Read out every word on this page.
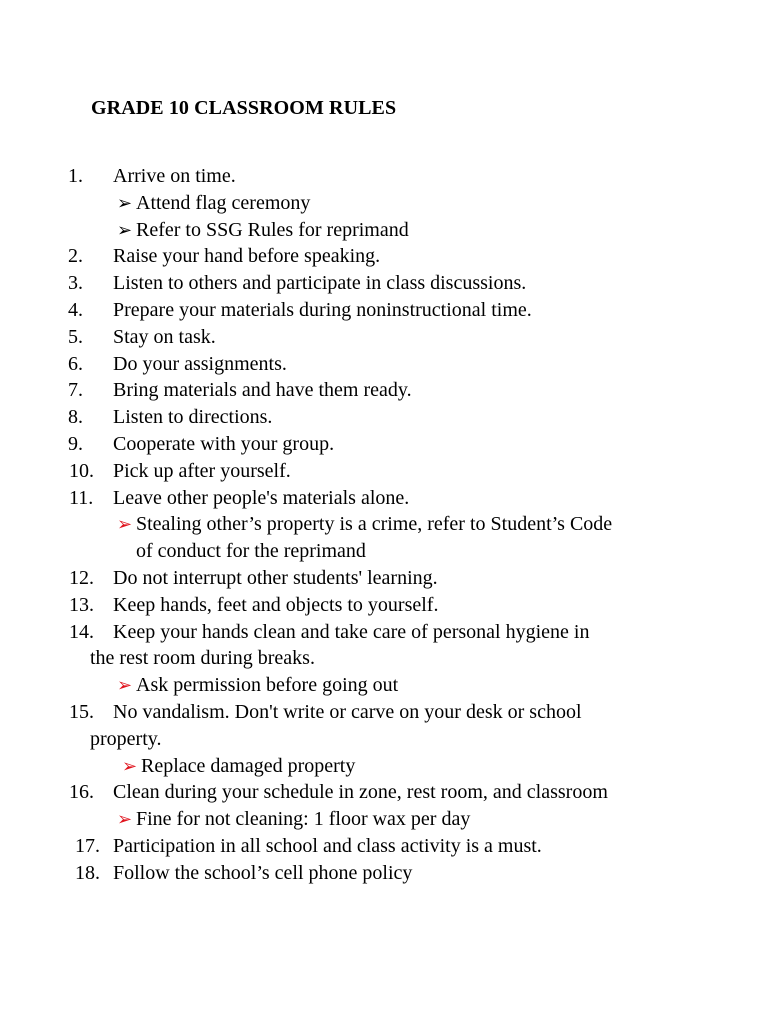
GRADE 10 CLASSROOM RULES
1. Arrive on time.
➢ Attend flag ceremony
➢ Refer to SSG Rules for reprimand
2. Raise your hand before speaking.
3. Listen to others and participate in class discussions.
4. Prepare your materials during noninstructional time.
5. Stay on task.
6. Do your assignments.
7. Bring materials and have them ready.
8. Listen to directions.
9. Cooperate with your group.
10. Pick up after yourself.
11. Leave other people's materials alone.
➢ Stealing other’s property is a crime, refer to Student’s Code
of conduct for the reprimand
12. Do not interrupt other students' learning.
13. Keep hands, feet and objects to yourself.
14. Keep your hands clean and take care of personal hygiene in
the rest room during breaks.
➢ Ask permission before going out
15. No vandalism. Don't write or carve on your desk or school
property.
➢ Replace damaged property
16. Clean during your schedule in zone, rest room, and classroom
➢ Fine for not cleaning: 1 floor wax per day
17. Participation in all school and class activity is a must.
18. Follow the school’s cell phone policy
